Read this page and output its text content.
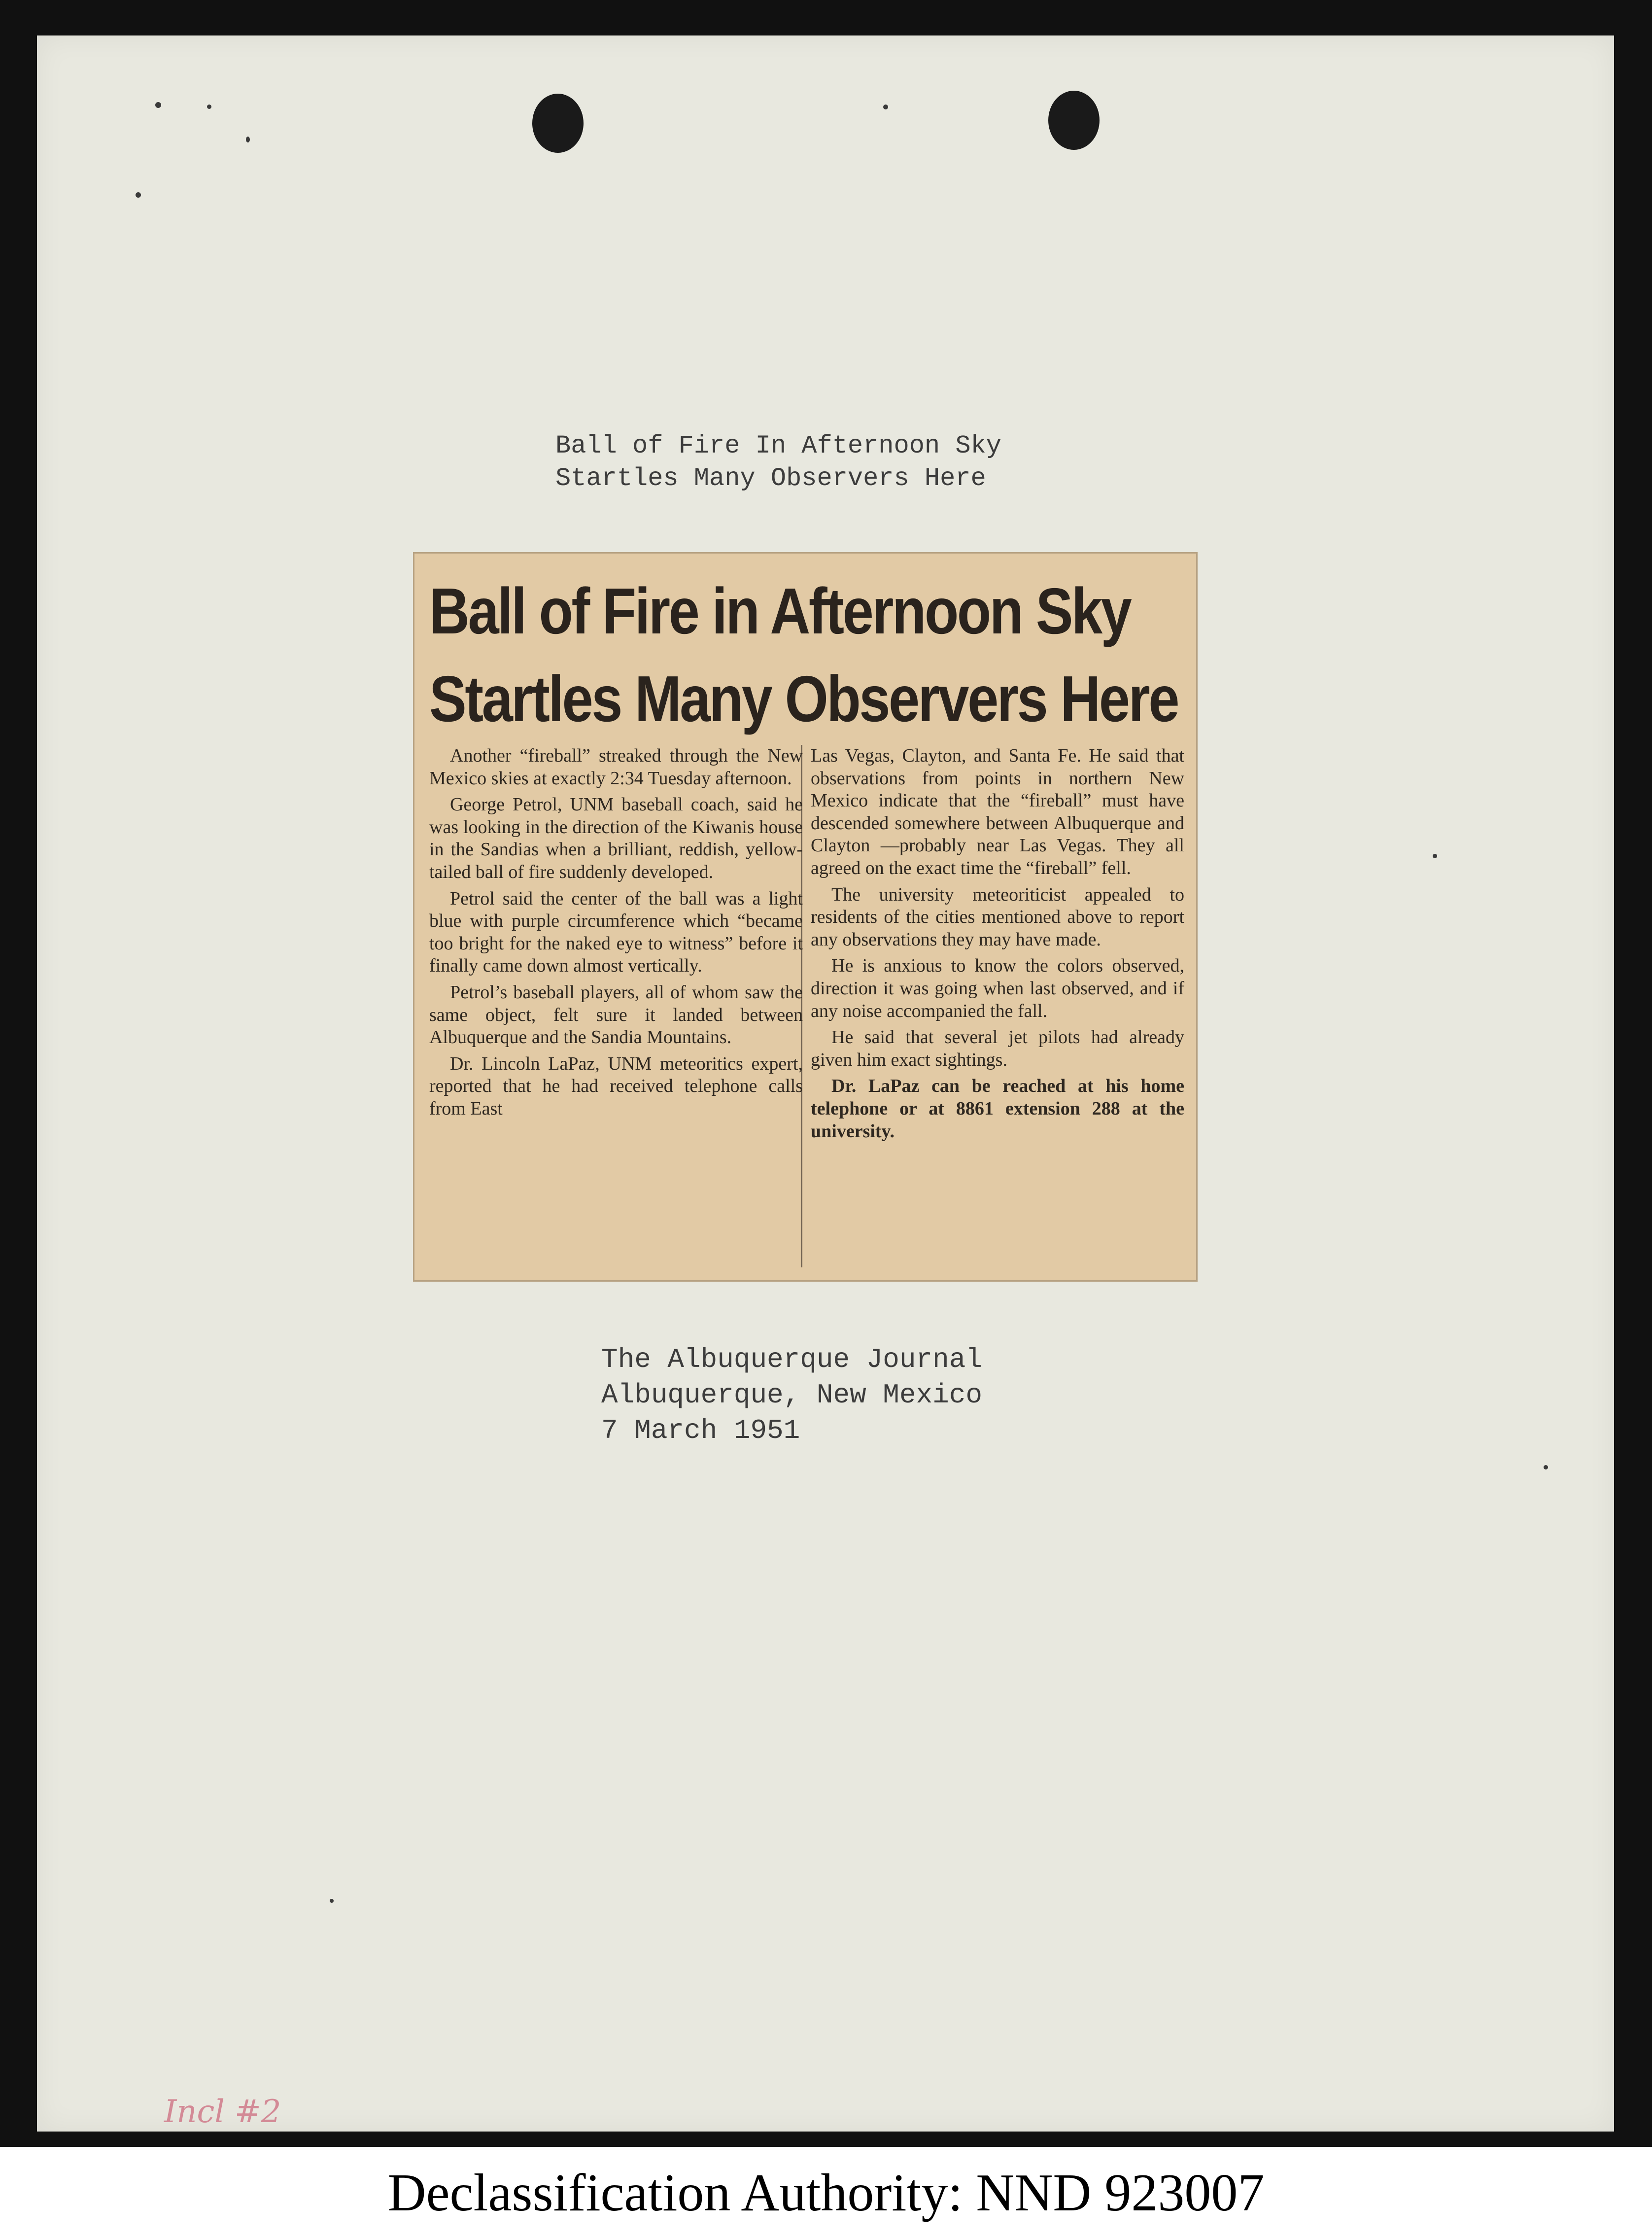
Ball of Fire In Afternoon Sky
Startles Many Observers Here
Ball of Fire in Afternoon Sky
Startles Many Observers Here

Another “fireball” streaked through the New Mexico skies at exactly 2:34 Tuesday afternoon.

George Petrol, UNM baseball coach, said he was looking in the direction of the Kiwanis house in the Sandias when a brilliant, reddish, yellow-tailed ball of fire suddenly developed.

Petrol said the center of the ball was a light blue with purple circumference which “became too bright for the naked eye to witness” before it finally came down almost vertically.

Petrol’s baseball players, all of whom saw the same object, felt sure it landed between Albuquerque and the Sandia Mountains.

Dr. Lincoln LaPaz, UNM meteoritics expert, reported that he had received telephone calls from East

Las Vegas, Clayton, and Santa Fe. He said that observations from points in northern New Mexico indicate that the “fireball” must have descended somewhere between Albuquerque and Clayton —probably near Las Vegas. They all agreed on the exact time the “fireball” fell.

The university meteoriticist appealed to residents of the cities mentioned above to report any observations they may have made.

He is anxious to know the colors observed, direction it was going when last observed, and if any noise accompanied the fall.

He said that several jet pilots had already given him exact sightings.

Dr. LaPaz can be reached at his home telephone or at 8861 extension 288 at the university.

The Albuquerque Journal
Albuquerque, New Mexico
7 March 1951
Incl #2
Declassification Authority: NND 923007
